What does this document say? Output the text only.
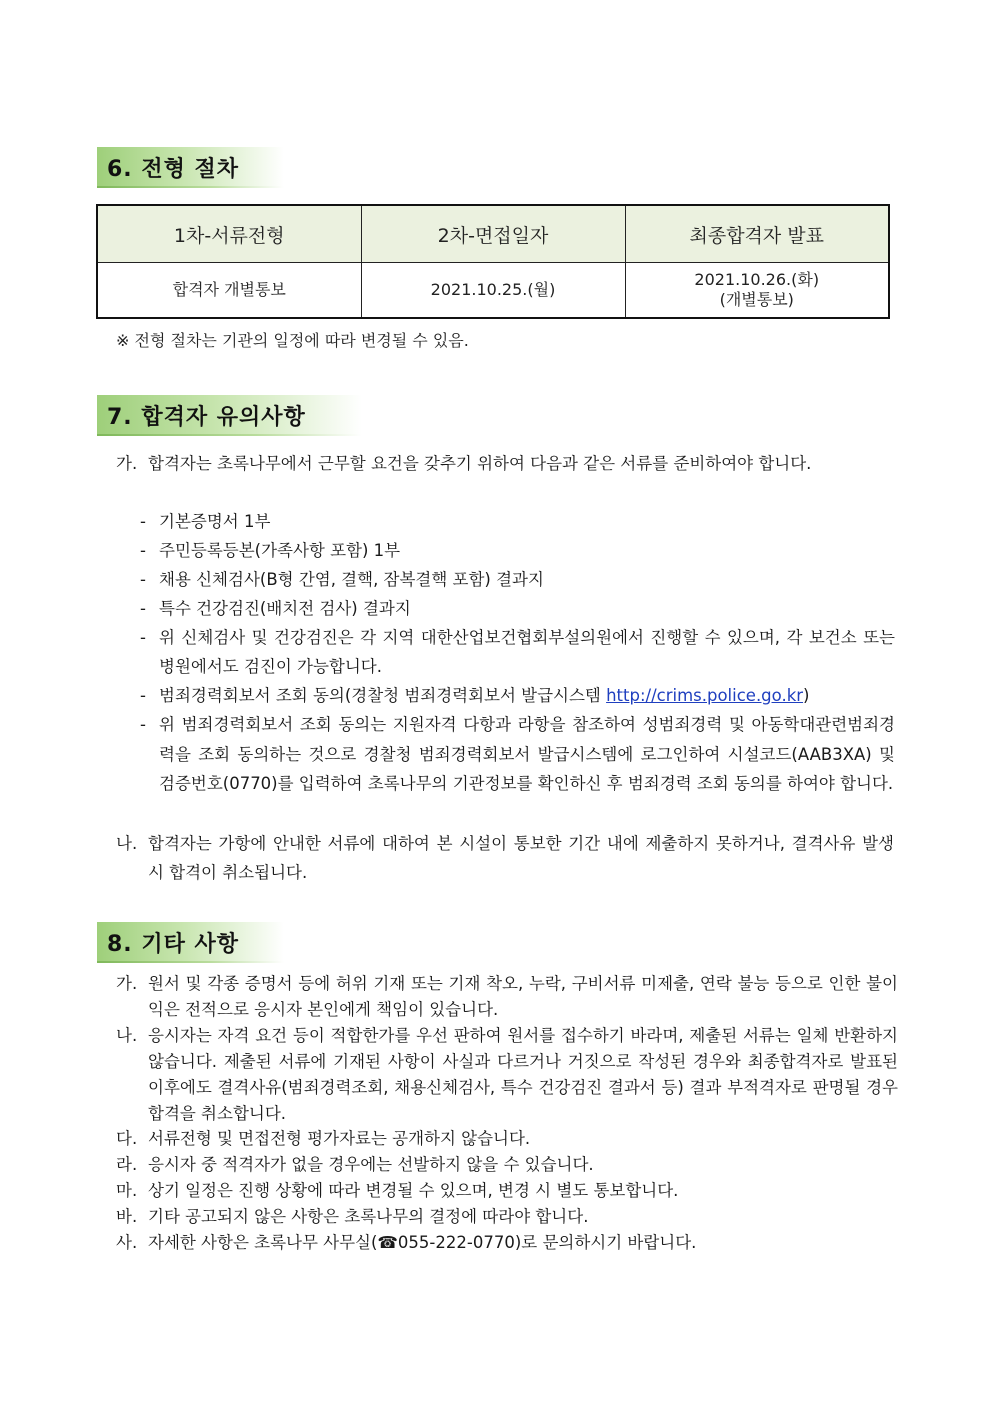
6. 전형 절차
1차-서류전형	2차-면접일자	최종합격자 발표
합격자 개별통보	2021.10.25.(월)	2021.10.26.(화)
(개별통보)
※ 전형 절차는 기관의 일정에 따라 변경될 수 있음.
7. 합격자 유의사항
가. 합격자는 초록나무에서 근무할 요건을 갖추기 위하여 다음과 같은 서류를 준비하여야 합니다.
- 기본증명서 1부
- 주민등록등본(가족사항 포함) 1부
- 채용 신체검사(B형 간염, 결핵, 잠복결핵 포함) 결과지
- 특수 건강검진(배치전 검사) 결과지
- 위 신체검사 및 건강검진은 각 지역 대한산업보건협회부설의원에서 진행할 수 있으며, 각 보건소 또는 병원에서도 검진이 가능합니다.
- 범죄경력회보서 조회 동의(경찰청 범죄경력회보서 발급시스템 http://crims.police.go.kr)
- 위 범죄경력회보서 조회 동의는 지원자격 다항과 라항을 참조하여 성범죄경력 및 아동학대관련범죄경력을 조회 동의하는 것으로 경찰청 범죄경력회보서 발급시스템에 로그인하여 시설코드(AAB3XA) 및 검증번호(0770)를 입력하여 초록나무의 기관정보를 확인하신 후 범죄경력 조회 동의를 하여야 합니다.
나. 합격자는 가항에 안내한 서류에 대하여 본 시설이 통보한 기간 내에 제출하지 못하거나, 결격사유 발생 시 합격이 취소됩니다.
8. 기타 사항
가. 원서 및 각종 증명서 등에 허위 기재 또는 기재 착오, 누락, 구비서류 미제출, 연락 불능 등으로 인한 불이익은 전적으로 응시자 본인에게 책임이 있습니다.
나. 응시자는 자격 요건 등이 적합한가를 우선 판하여 원서를 접수하기 바라며, 제출된 서류는 일체 반환하지 않습니다. 제출된 서류에 기재된 사항이 사실과 다르거나 거짓으로 작성된 경우와 최종합격자로 발표된 이후에도 결격사유(범죄경력조회, 채용신체검사, 특수 건강검진 결과서 등) 결과 부적격자로 판명될 경우 합격을 취소합니다.
다. 서류전형 및 면접전형 평가자료는 공개하지 않습니다.
라. 응시자 중 적격자가 없을 경우에는 선발하지 않을 수 있습니다.
마. 상기 일정은 진행 상황에 따라 변경될 수 있으며, 변경 시 별도 통보합니다.
바. 기타 공고되지 않은 사항은 초록나무의 결정에 따라야 합니다.
사. 자세한 사항은 초록나무 사무실(☎055-222-0770)로 문의하시기 바랍니다.
